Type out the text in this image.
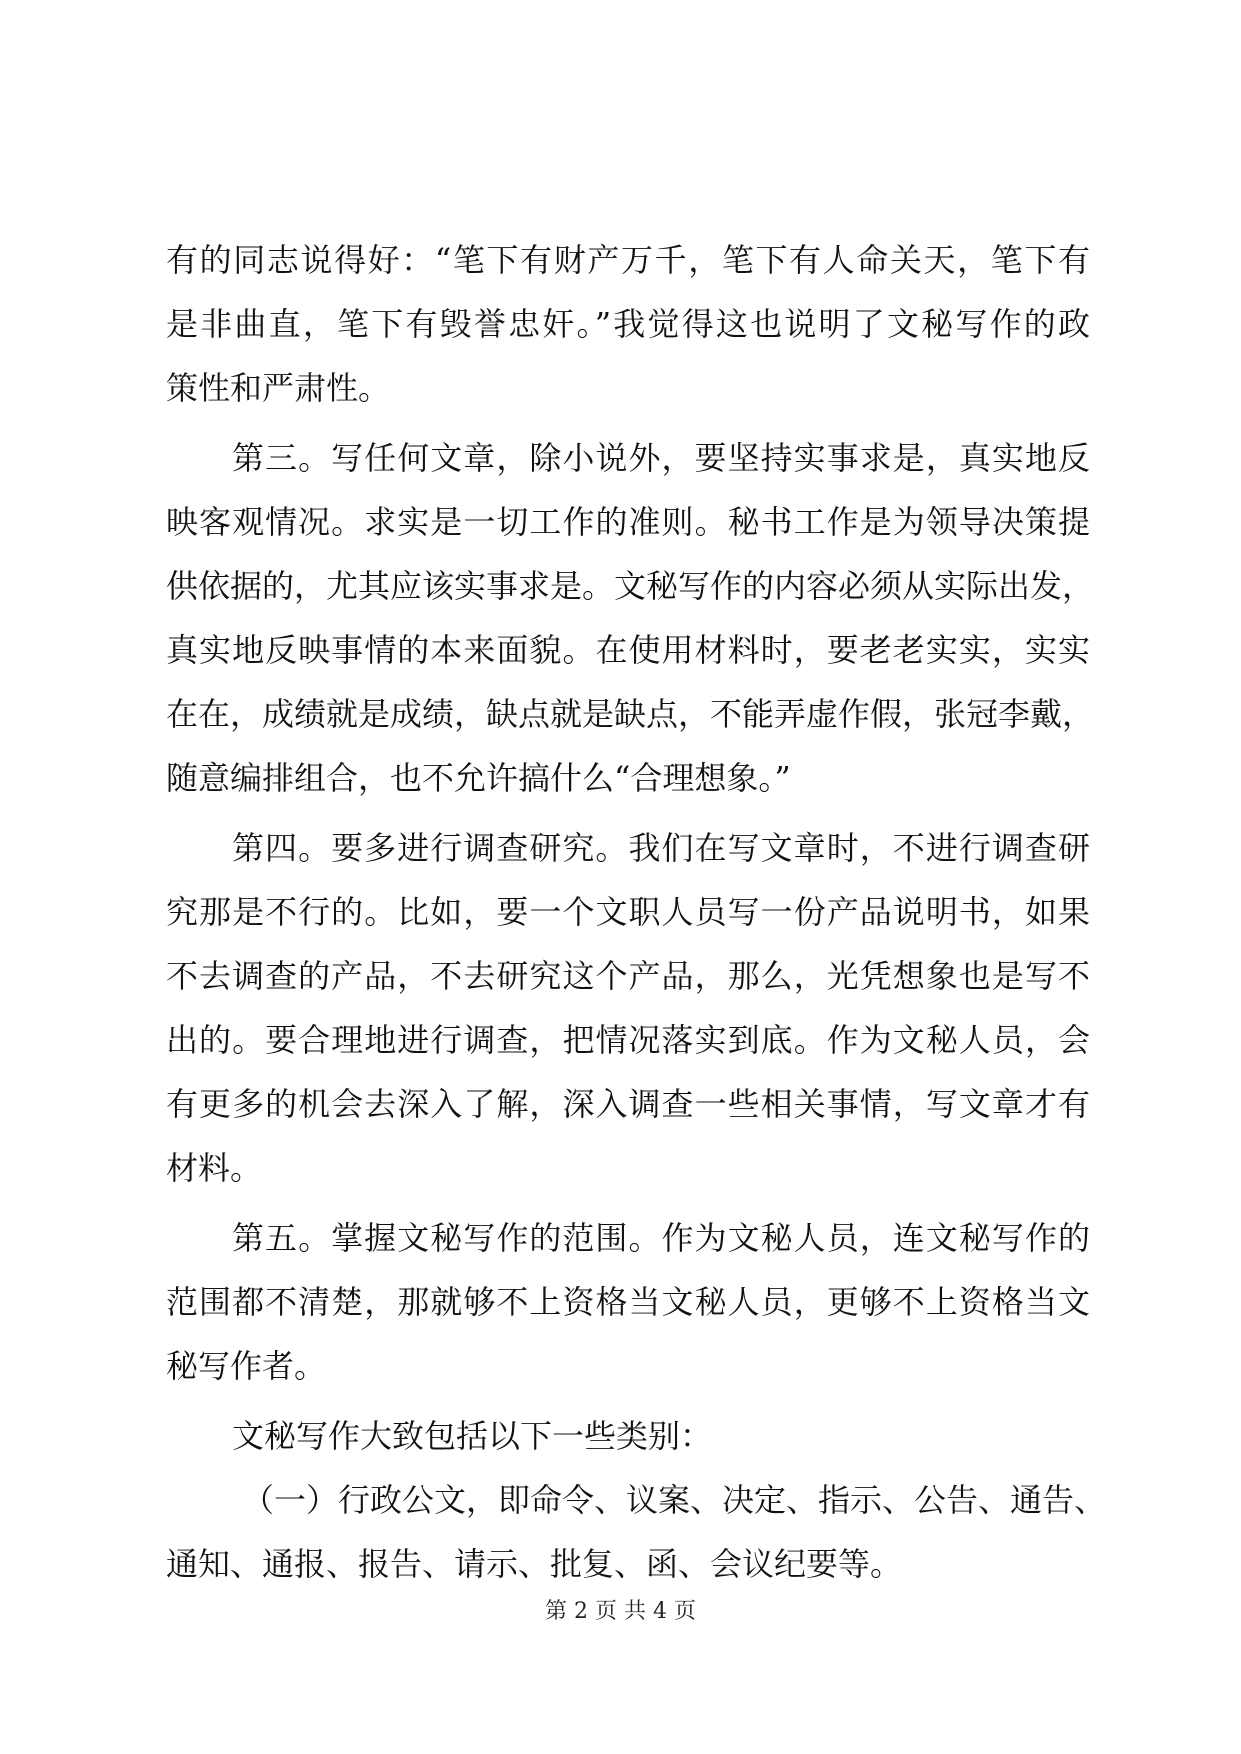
有的同志说得好：“笔下有财产万千，笔下有人命关天，笔下有
是非曲直，笔下有毁誉忠奸。”我觉得这也说明了文秘写作的政
策性和严肃性。
第三。写任何文章，除小说外，要坚持实事求是，真实地反
映客观情况。求实是一切工作的准则。秘书工作是为领导决策提
供依据的，尤其应该实事求是。文秘写作的内容必须从实际出发，
真实地反映事情的本来面貌。在使用材料时，要老老实实，实实
在在，成绩就是成绩，缺点就是缺点，不能弄虚作假，张冠李戴，
随意编排组合，也不允许搞什么“合理想象。”
第四。要多进行调查研究。我们在写文章时，不进行调查研
究那是不行的。比如，要一个文职人员写一份产品说明书，如果
不去调查的产品，不去研究这个产品，那么，光凭想象也是写不
出的。要合理地进行调查，把情况落实到底。作为文秘人员，会
有更多的机会去深入了解，深入调查一些相关事情，写文章才有
材料。
第五。掌握文秘写作的范围。作为文秘人员，连文秘写作的
范围都不清楚，那就够不上资格当文秘人员，更够不上资格当文
秘写作者。
文秘写作大致包括以下一些类别：
（一）行政公文，即命令、议案、决定、指示、公告、通告、
通知、通报、报告、请示、批复、函、会议纪要等。
第 2 页 共 4 页
